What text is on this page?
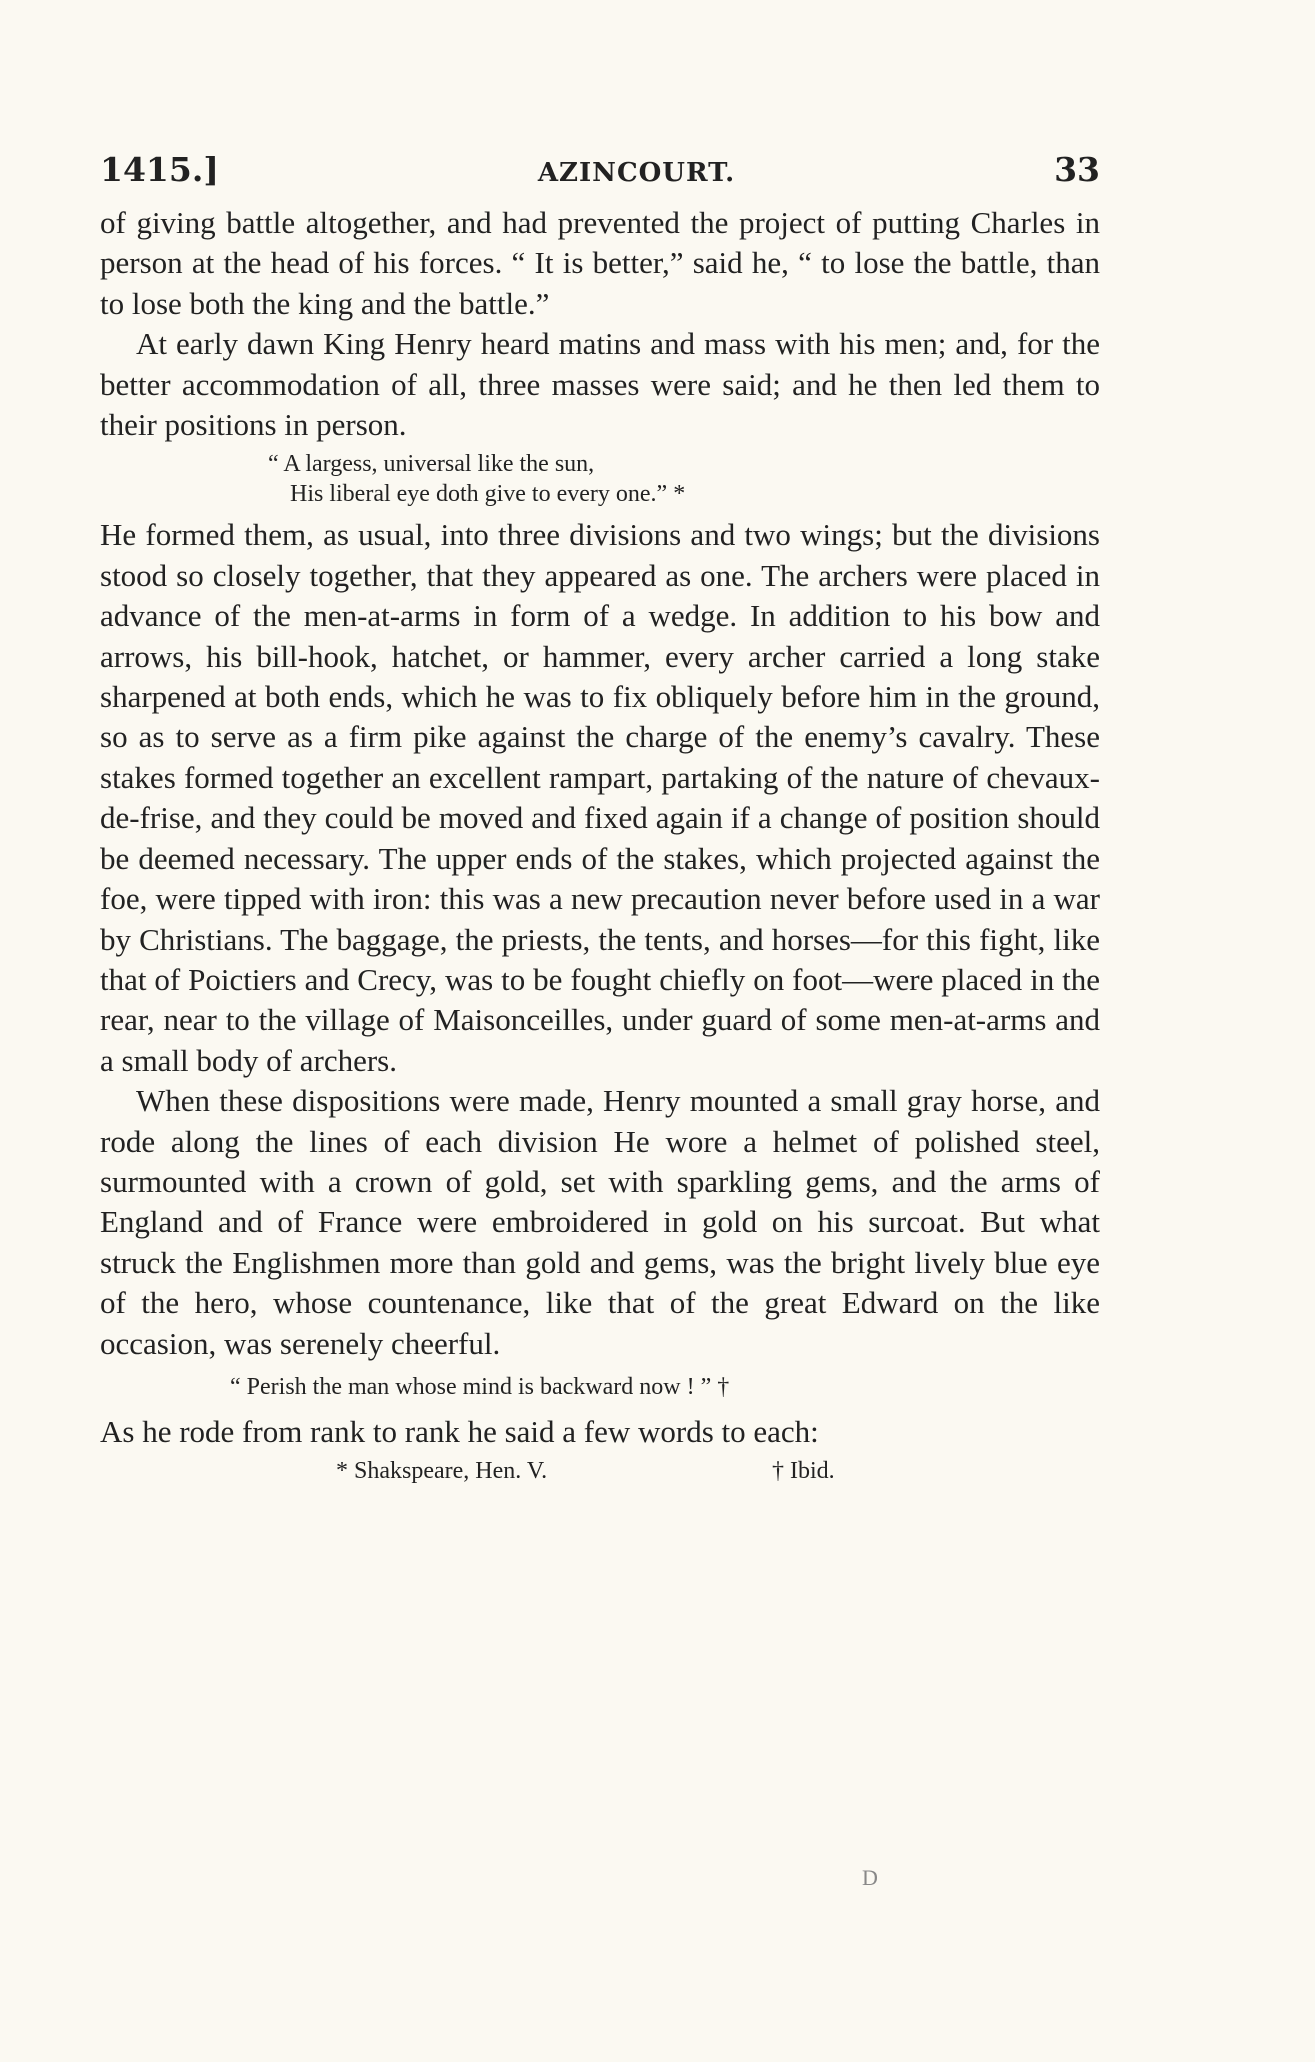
1415.]	AZINCOURT.	33

of giving battle altogether, and had prevented the project of putting Charles in person at the head of his forces. “ It is better,” said he, “ to lose the battle, than to lose both the king and the battle.”

At early dawn King Henry heard matins and mass with his men; and, for the better accommodation of all, three masses were said; and he then led them to their positions in person.

“ A largess, universal like the sun,
His liberal eye doth give to every one.” *

He formed them, as usual, into three divisions and two wings; but the divisions stood so closely together, that they appeared as one. The archers were placed in advance of the men-at-arms in form of a wedge. In addition to his bow and arrows, his bill-hook, hatchet, or hammer, every archer carried a long stake sharpened at both ends, which he was to fix obliquely before him in the ground, so as to serve as a firm pike against the charge of the enemy’s cavalry. These stakes formed together an excellent rampart, partaking of the nature of chevaux-de-frise, and they could be moved and fixed again if a change of position should be deemed necessary. The upper ends of the stakes, which projected against the foe, were tipped with iron: this was a new precaution never before used in a war by Christians. The baggage, the priests, the tents, and horses—for this fight, like that of Poictiers and Crecy, was to be fought chiefly on foot—were placed in the rear, near to the village of Maisonceilles, under guard of some men-at-arms and a small body of archers.

When these dispositions were made, Henry mounted a small gray horse, and rode along the lines of each division He wore a helmet of polished steel, surmounted with a crown of gold, set with sparkling gems, and the arms of England and of France were embroidered in gold on his surcoat. But what struck the Englishmen more than gold and gems, was the bright lively blue eye of the hero, whose countenance, like that of the great Edward on the like occasion, was serenely cheerful.

“ Perish the man whose mind is backward now ! ” †

As he rode from rank to rank he said a few words to each:

* Shakspeare, Hen. V.	† Ibid.
D
